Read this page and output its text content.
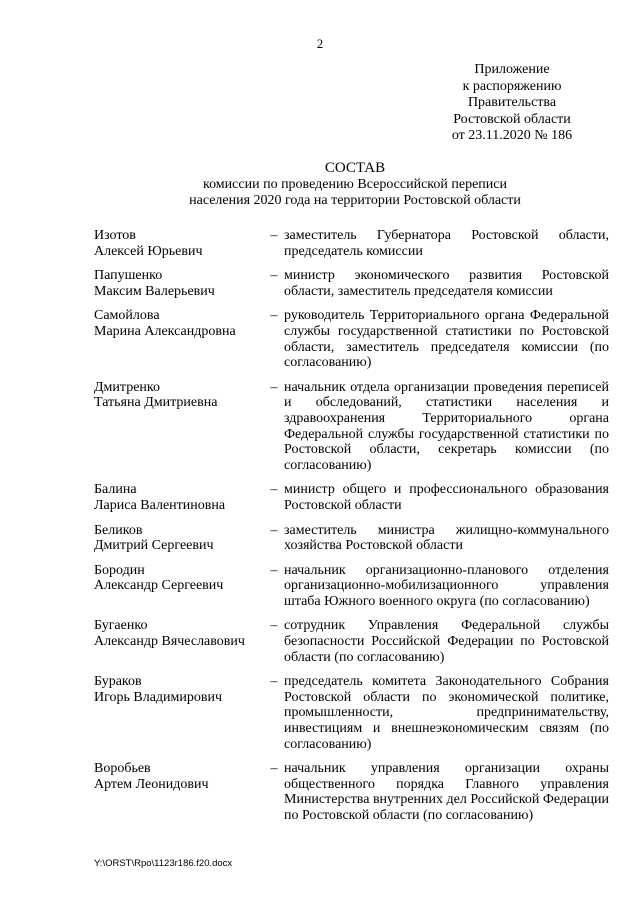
2
Приложение
к распоряжению
Правительства
Ростовской области
от 23.11.2020 № 186
СОСТАВ
комиссии по проведению Всероссийской переписи
населения 2020 года на территории Ростовской области
Изотов
Алексей Юрьевич
– заместитель Губернатора Ростовской области, председатель комиссии
Папушенко
Максим Валерьевич
– министр экономического развития Ростовской области, заместитель председателя комиссии
Самойлова
Марина Александровна
– руководитель Территориального органа Федеральной службы государственной статистики по Ростовской области, заместитель председателя комиссии (по согласованию)
Дмитренко
Татьяна Дмитриевна
– начальник отдела организации проведения переписей и обследований, статистики населения и здравоохранения Территориального органа Федеральной службы государственной статистики по Ростовской области, секретарь комиссии (по согласованию)
Балина
Лариса Валентиновна
– министр общего и профессионального образования Ростовской области
Беликов
Дмитрий Сергеевич
– заместитель министра жилищно-коммунального хозяйства Ростовской области
Бородин
Александр Сергеевич
– начальник организационно-планового отделения организационно-мобилизационного управления штаба Южного военного округа (по согласованию)
Бугаенко
Александр Вячеславович
– сотрудник Управления Федеральной службы безопасности Российской Федерации по Ростовской области (по согласованию)
Бураков
Игорь Владимирович
– председатель комитета Законодательного Собрания Ростовской области по экономической политике, промышленности, предпринимательству, инвестициям и внешнеэкономическим связям (по согласованию)
Воробьев
Артем Леонидович
– начальник управления организации охраны общественного порядка Главного управления Министерства внутренних дел Российской Федерации по Ростовской области (по согласованию)
Y:\ORST\Rpo\1123r186.f20.docx
